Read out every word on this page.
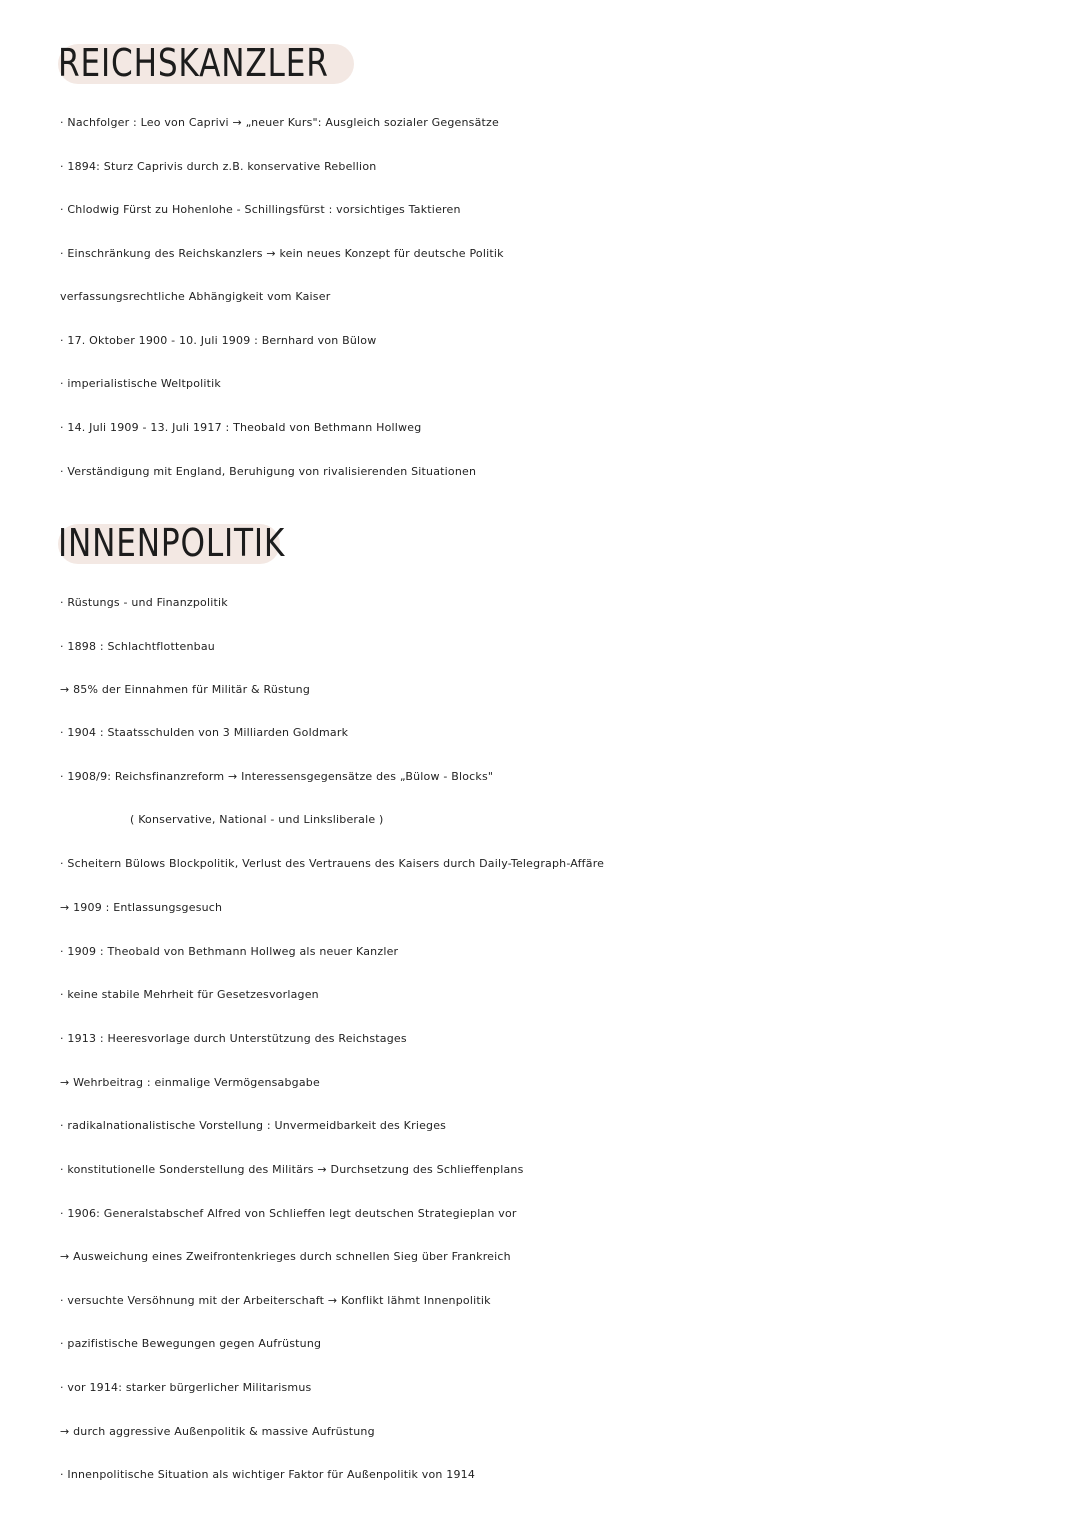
REICHSKANZLER
· Nachfolger : Leo von Caprivi → „neuer Kurs": Ausgleich sozialer Gegensätze
· 1894: Sturz Caprivis durch z.B. konservative Rebellion
· Chlodwig Fürst zu Hohenlohe - Schillingsfürst : vorsichtiges Taktieren
· Einschränkung des Reichskanzlers → kein neues Konzept für deutsche Politik
verfassungsrechtliche Abhängigkeit vom Kaiser
· 17. Oktober 1900 - 10. Juli 1909 : Bernhard von Bülow
· imperialistische Weltpolitik
· 14. Juli 1909 - 13. Juli 1917 : Theobald von Bethmann Hollweg
· Verständigung mit England, Beruhigung von rivalisierenden Situationen
INNENPOLITIK
· Rüstungs - und Finanzpolitik
· 1898 : Schlachtflottenbau
→ 85% der Einnahmen für Militär & Rüstung
· 1904 : Staatsschulden von 3 Milliarden Goldmark
· 1908/9: Reichsfinanzreform → Interessensgegensätze des „Bülow - Blocks"
( Konservative, National - und Linksliberale )
· Scheitern Bülows Blockpolitik, Verlust des Vertrauens des Kaisers durch Daily-Telegraph-Affäre
→ 1909 : Entlassungsgesuch
· 1909 : Theobald von Bethmann Hollweg als neuer Kanzler
· keine stabile Mehrheit für Gesetzesvorlagen
· 1913 : Heeresvorlage durch Unterstützung des Reichstages
→ Wehrbeitrag : einmalige Vermögensabgabe
· radikalnationalistische Vorstellung : Unvermeidbarkeit des Krieges
· konstitutionelle Sonderstellung des Militärs → Durchsetzung des Schlieffenplans
· 1906: Generalstabschef Alfred von Schlieffen legt deutschen Strategieplan vor
→ Ausweichung eines Zweifrontenkrieges durch schnellen Sieg über Frankreich
· versuchte Versöhnung mit der Arbeiterschaft → Konflikt lähmt Innenpolitik
· pazifistische Bewegungen gegen Aufrüstung
· vor 1914: starker bürgerlicher Militarismus
→ durch aggressive Außenpolitik & massive Aufrüstung
· Innenpolitische Situation als wichtiger Faktor für Außenpolitik von 1914
